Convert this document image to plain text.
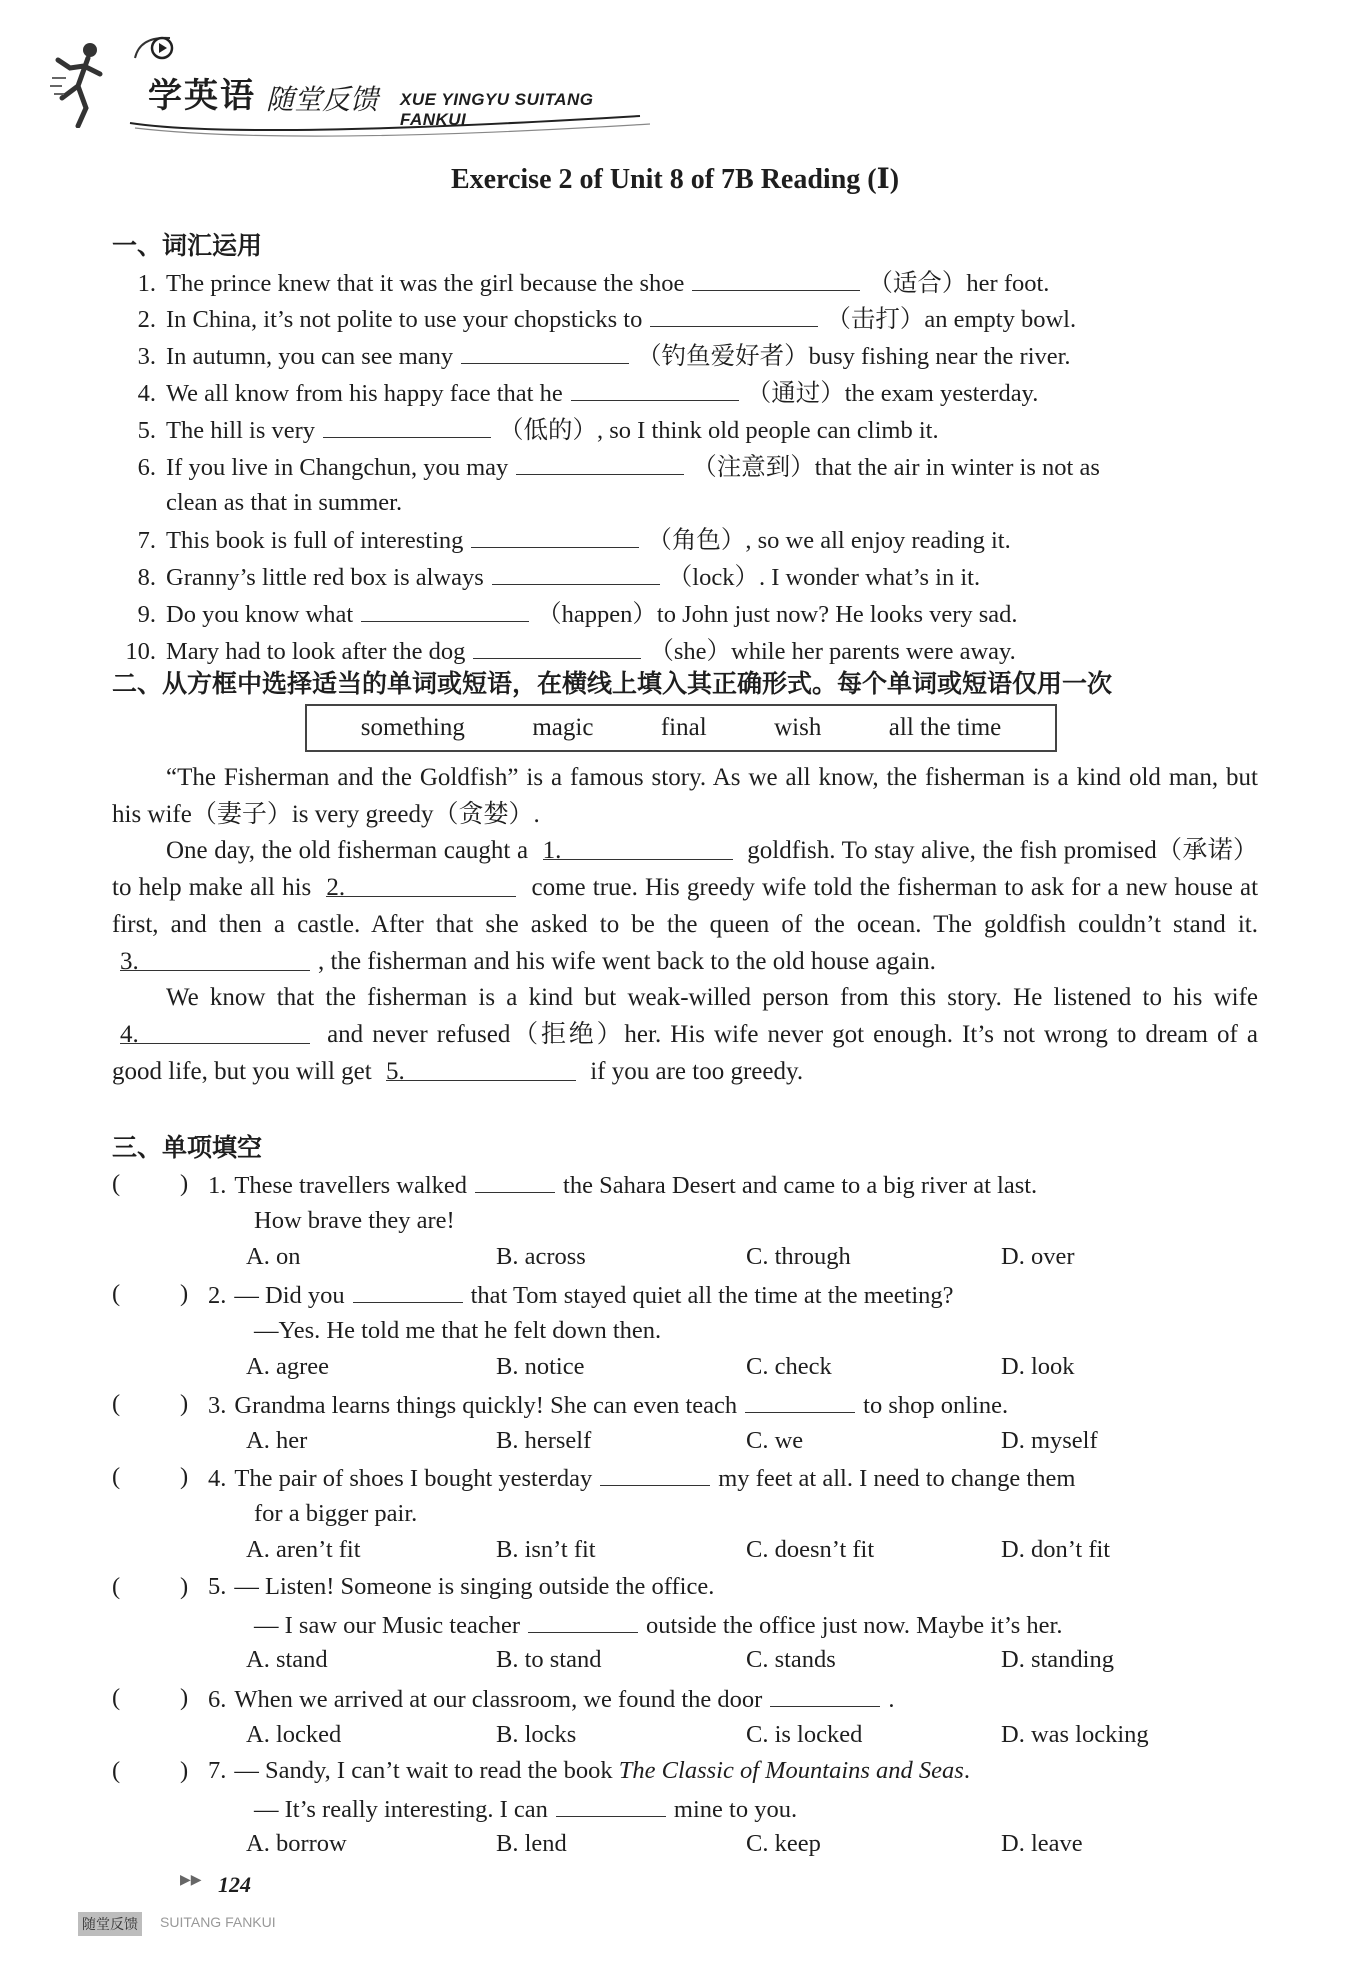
学英语 随堂反馈 XUE YINGYU SUITANG FANKUI
Exercise 2 of Unit 8 of 7B Reading (Ⅰ)
一、词汇运用
1. The prince knew that it was the girl because the shoe	（适合）her foot.
2. In China, it’s not polite to use your chopsticks to	（击打）an empty bowl.
3. In autumn, you can see many	（钓鱼爱好者）busy fishing near the river.
4. We all know from his happy face that he	（通过）the exam yesterday.
5. The hill is very	（低的）, so I think old people can climb it.
6. If you live in Changchun, you may	（注意到）that the air in winter is not as
clean as that in summer.
7. This book is full of interesting	（角色）, so we all enjoy reading it.
8. Granny’s little red box is always	（lock）. I wonder what’s in it.
9. Do you know what	（happen）to John just now? He looks very sad.
10. Mary had to look after the dog	（she）while her parents were away.
二、从方框中选择适当的单词或短语，在横线上填入其正确形式。每个单词或短语仅用一次
something	magic	final	wish	all the time

“The Fisherman and the Goldfish” is a famous story. As we all know, the fisherman is a kind old man, but his wife（妻子）is very greedy（贪婪）.

One day, the old fisherman caught a 1.	goldfish. To stay alive, the fish promised（承诺）to help make all his 2.	come true. His greedy wife told the fisherman to ask for a new house at first, and then a castle. After that she asked to be the queen of the ocean. The goldfish couldn’t stand it. 3.	, the fisherman and his wife went back to the old house again.

We know that the fisherman is a kind but weak-willed person from this story. He listened to his wife 4.	and never refused（拒绝）her. His wife never got enough. It’s not wrong to dream of a good life, but you will get 5.	if you are too greedy.

三、单项填空
( ) 1. These travellers walked	the Sahara Desert and came to a big river at last.
How brave they are!
A. on	B. across	C. through	D. over
( ) 2. — Did you	that Tom stayed quiet all the time at the meeting?
—Yes. He told me that he felt down then.
A. agree	B. notice	C. check	D. look
( ) 3. Grandma learns things quickly! She can even teach	to shop online.
A. her	B. herself	C. we	D. myself
( ) 4. The pair of shoes I bought yesterday	my feet at all. I need to change them
for a bigger pair.
A. aren’t fit	B. isn’t fit	C. doesn’t fit	D. don’t fit
( ) 5. — Listen! Someone is singing outside the office.
— I saw our Music teacher	outside the office just now. Maybe it’s her.
A. stand	B. to stand	C. stands	D. standing
( ) 6. When we arrived at our classroom, we found the door	.
A. locked	B. locks	C. is locked	D. was locking
( ) 7. — Sandy, I can’t wait to read the book The Classic of Mountains and Seas.
— It’s really interesting. I can	mine to you.
A. borrow	B. lend	C. keep	D. leave
▶▶ 124
随堂反馈 SUITANG FANKUI
